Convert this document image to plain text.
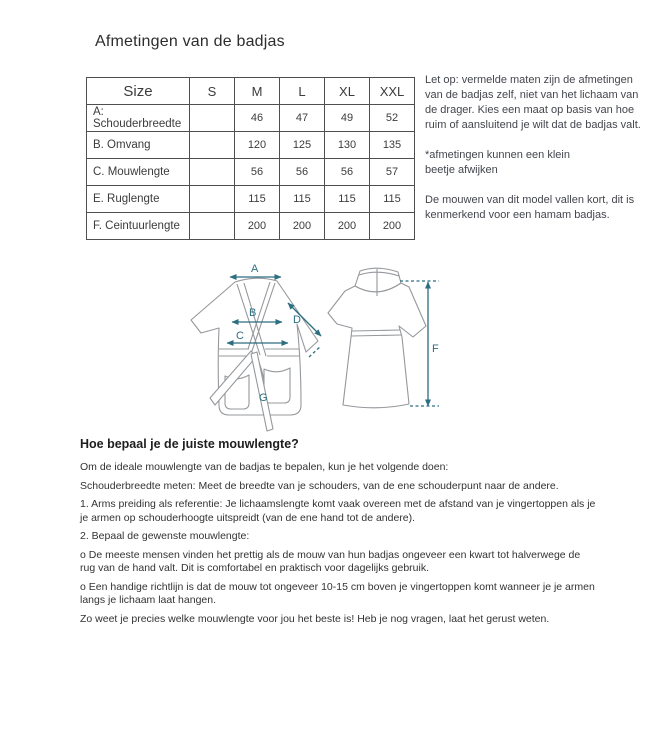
Afmetingen van de badjas
Size	S	M	L	XL	XXL
A: Schouderbreedte		46	47	49	52
B. Omvang		120	125	130	135
C. Mouwlengte		56	56	56	57
E. Ruglengte		115	115	115	115
F. Ceintuurlengte		200	200	200	200

Let op: vermelde maten zijn de afmetingen van de badjas zelf, niet van het lichaam van de drager. Kies een maat op basis van hoe ruim of aansluitend je wilt dat de badjas valt.

*afmetingen kunnen een klein
beetje afwijken

De mouwen van dit model vallen kort, dit is kenmerkend voor een hamam badjas.

A
B
C
D
G
F
Hoe bepaal je de juiste mouwlengte?

Om de ideale mouwlengte van de badjas te bepalen, kun je het volgende doen:

Schouderbreedte meten: Meet de breedte van je schouders, van de ene schouderpunt naar de andere.

1. Arms preiding als referentie: Je lichaamslengte komt vaak overeen met de afstand van je vingertoppen als je je armen op schouderhoogte uitspreidt (van de ene hand tot de andere).

2. Bepaal de gewenste mouwlengte:

o De meeste mensen vinden het prettig als de mouw van hun badjas ongeveer een kwart tot halverwege de rug van de hand valt. Dit is comfortabel en praktisch voor dagelijks gebruik.

o Een handige richtlijn is dat de mouw tot ongeveer 10-15 cm boven je vingertoppen komt wanneer je je armen langs je lichaam laat hangen.

Zo weet je precies welke mouwlengte voor jou het beste is! Heb je nog vragen, laat het gerust weten.
